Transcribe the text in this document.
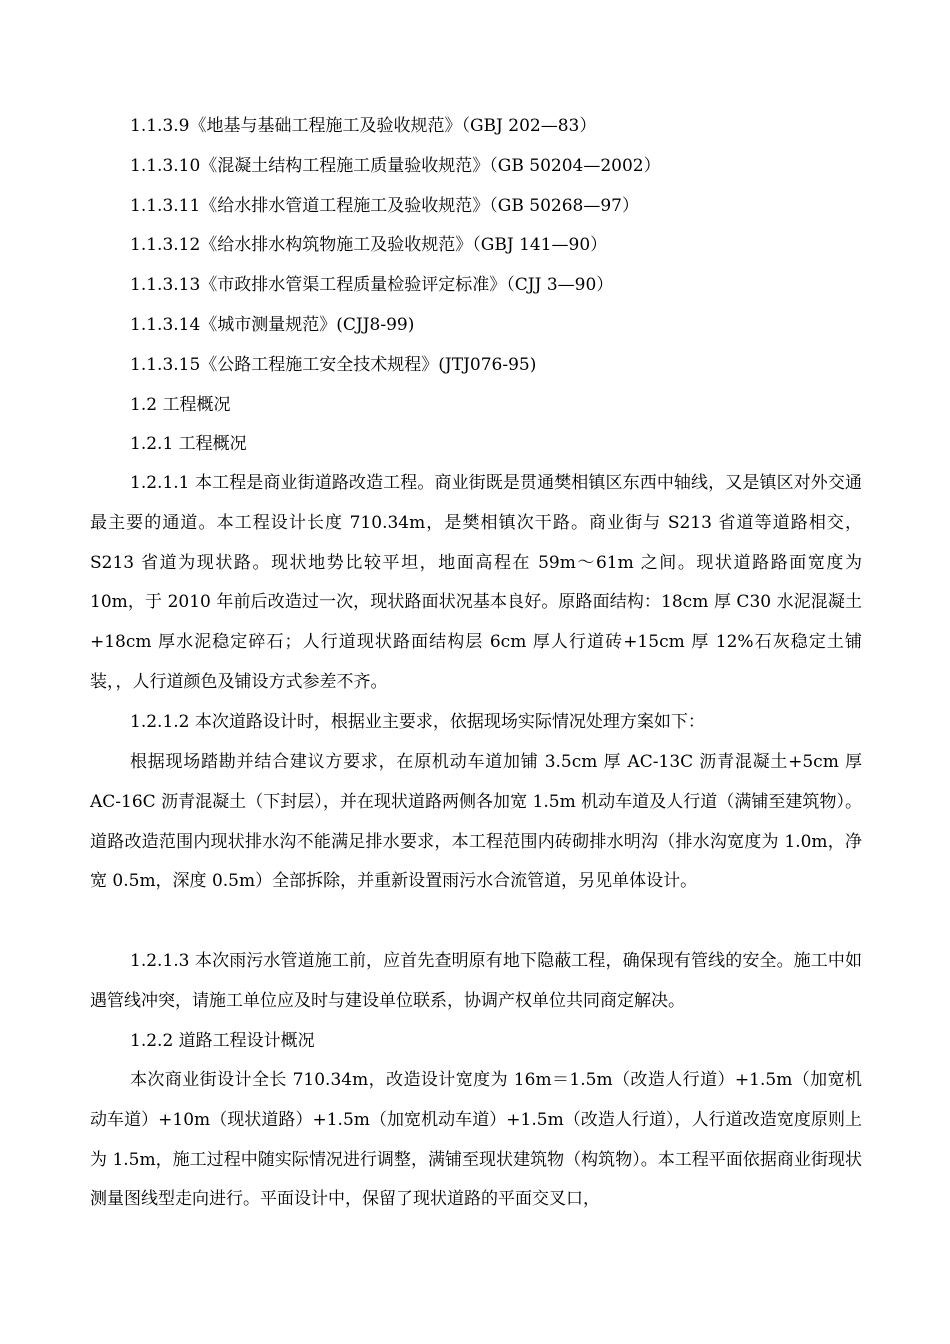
1.1.3.9《地基与基础工程施工及验收规范》（GBJ 202—83）
1.1.3.10《混凝土结构工程施工质量验收规范》（GB 50204—2002）
1.1.3.11《给水排水管道工程施工及验收规范》（GB 50268—97）
1.1.3.12《给水排水构筑物施工及验收规范》（GBJ 141—90）
1.1.3.13《市政排水管渠工程质量检验评定标准》（CJJ 3—90）
1.1.3.14《城市测量规范》(CJJ8-99)
1.1.3.15《公路工程施工安全技术规程》(JTJ076-95)
1.2 工程概况
1.2.1 工程概况

1.2.1.1 本工程是商业街道路改造工程。商业街既是贯通樊相镇区东西中轴线，又是镇区对外交通最主要的通道。本工程设计长度 710.34m，是樊相镇次干路。商业街与 S213 省道等道路相交，S213 省道为现状路。现状地势比较平坦，地面高程在 59m～61m 之间。现状道路路面宽度为 10m，于 2010 年前后改造过一次，现状路面状况基本良好。原路面结构：18cm 厚 C30 水泥混凝土+18cm 厚水泥稳定碎石；人行道现状路面结构层 6cm 厚人行道砖+15cm 厚 12%石灰稳定土铺装，，人行道颜色及铺设方式参差不齐。

1.2.1.2 本次道路设计时，根据业主要求，依据现场实际情况处理方案如下：

根据现场踏勘并结合建议方要求，在原机动车道加铺 3.5cm 厚 AC-13C 沥青混凝土+5cm 厚 AC-16C 沥青混凝土（下封层），并在现状道路两侧各加宽 1.5m 机动车道及人行道（满铺至建筑物）。道路改造范围内现状排水沟不能满足排水要求，本工程范围内砖砌排水明沟（排水沟宽度为 1.0m，净宽 0.5m，深度 0.5m）全部拆除，并重新设置雨污水合流管道，另见单体设计。

1.2.1.3 本次雨污水管道施工前，应首先查明原有地下隐蔽工程，确保现有管线的安全。施工中如遇管线冲突，请施工单位应及时与建设单位联系，协调产权单位共同商定解决。

1.2.2 道路工程设计概况

本次商业街设计全长 710.34m，改造设计宽度为 16m＝1.5m（改造人行道）+1.5m（加宽机动车道）+10m（现状道路）+1.5m（加宽机动车道）+1.5m（改造人行道），人行道改造宽度原则上为 1.5m，施工过程中随实际情况进行调整，满铺至现状建筑物（构筑物）。本工程平面依据商业街现状测量图线型走向进行。平面设计中，保留了现状道路的平面交叉口，
